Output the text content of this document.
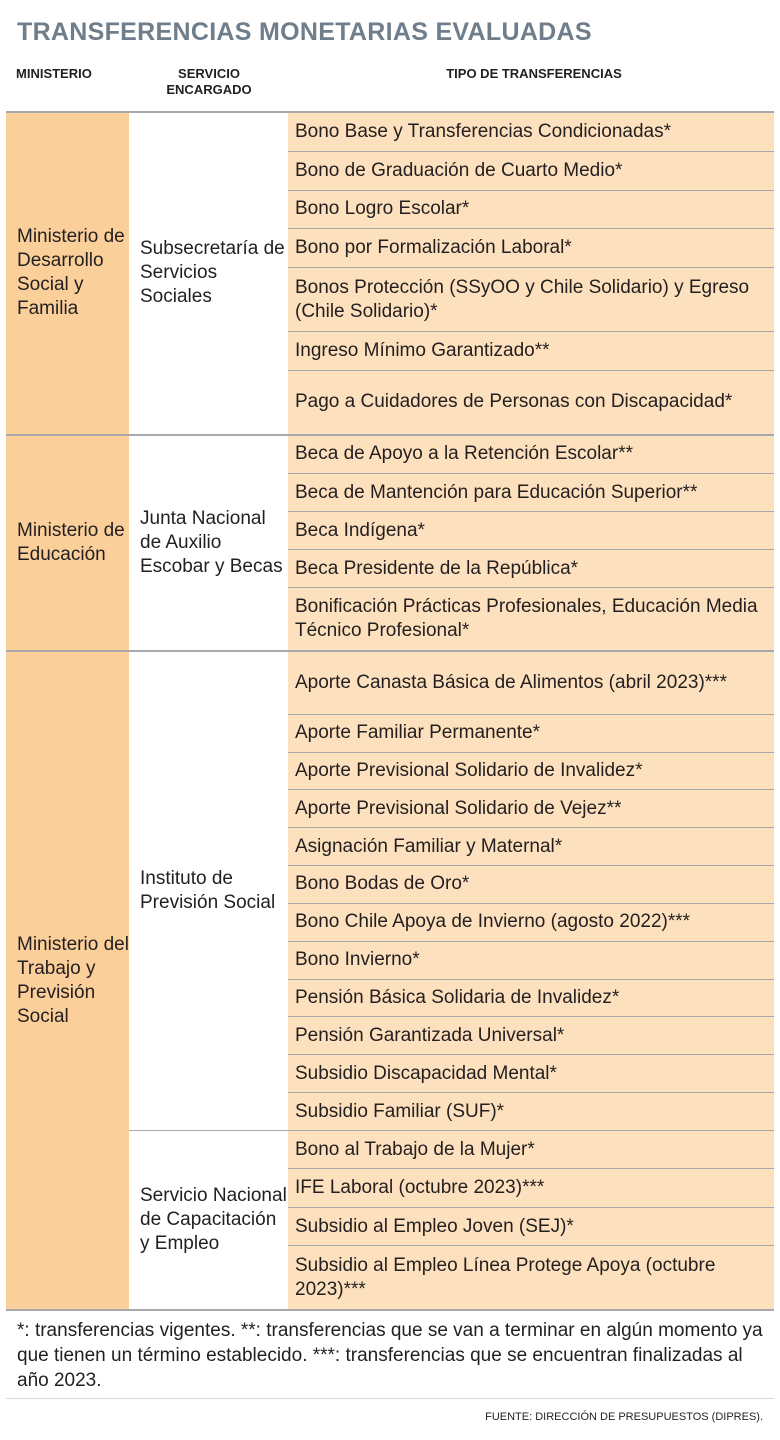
TRANSFERENCIAS MONETARIAS EVALUADAS
MINISTERIO	SERVICIO
ENCARGADO
TIPO DE TRANSFERENCIAS
Ministerio de Desarrollo Social y Familia
Subsecretaría de Servicios Sociales
Bono Base y Transferencias Condicionadas*
Bono de Graduación de Cuarto Medio*
Bono Logro Escolar*
Bono por Formalización Laboral*
Bonos Protección (SSyOO y Chile Solidario) y Egreso (Chile Solidario)*
Ingreso Mínimo Garantizado**
Pago a Cuidadores de Personas con Discapacidad*
Ministerio de Educación
Junta Nacional de Auxilio Escobar y Becas
Beca de Apoyo a la Retención Escolar**
Beca de Mantención para Educación Superior**
Beca Indígena*
Beca Presidente de la República*
Bonificación Prácticas Profesionales, Educación Media Técnico Profesional*
Ministerio del Trabajo y Previsión Social
Instituto de Previsión Social
Aporte Canasta Básica de Alimentos (abril 2023)***
Aporte Familiar Permanente*
Aporte Previsional Solidario de Invalidez*
Aporte Previsional Solidario de Vejez**
Asignación Familiar y Maternal*
Bono Bodas de Oro*
Bono Chile Apoya de Invierno (agosto 2022)***
Bono Invierno*
Pensión Básica Solidaria de Invalidez*
Pensión Garantizada Universal*
Subsidio Discapacidad Mental*
Subsidio Familiar (SUF)*
Servicio Nacional de Capacitación y Empleo
Bono al Trabajo de la Mujer*
IFE Laboral (octubre 2023)***
Subsidio al Empleo Joven (SEJ)*
Subsidio al Empleo Línea Protege Apoya (octubre 2023)***
*: transferencias vigentes. **: transferencias que se van a terminar en algún momento ya que tienen un término establecido. ***: transferencias que se encuentran finalizadas al año 2023.
FUENTE: DIRECCIÓN DE PRESUPUESTOS (DIPRES).
